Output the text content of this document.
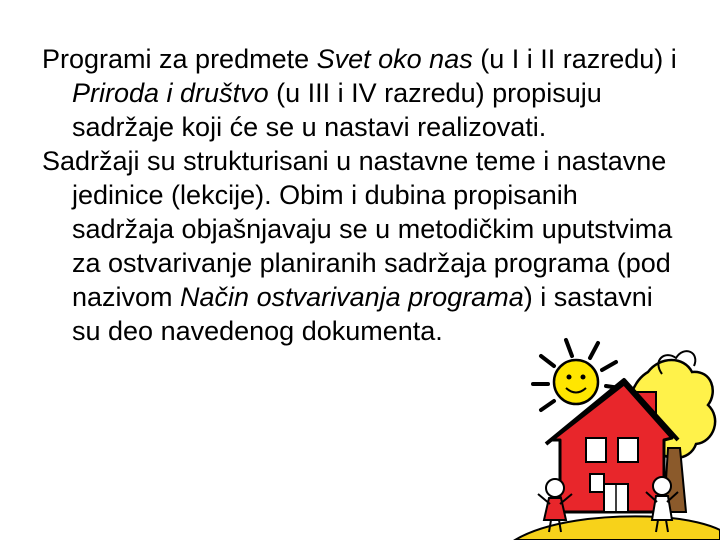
Programi za predmete Svet oko nas (u I i II razredu) i Priroda i društvo (u III i IV razredu) propisuju sadržaje koji će se u nastavi realizovati.

Sadržaji su strukturisani u nastavne teme i nastavne jedinice (lekcije). Obim i dubina propisanih sadržaja objašnjavaju se u metodičkim uputstvima za ostvarivanje planiranih sadržaja programa (pod nazivom Način ostvarivanja programa) i sastavni su deo navedenog dokumenta.
